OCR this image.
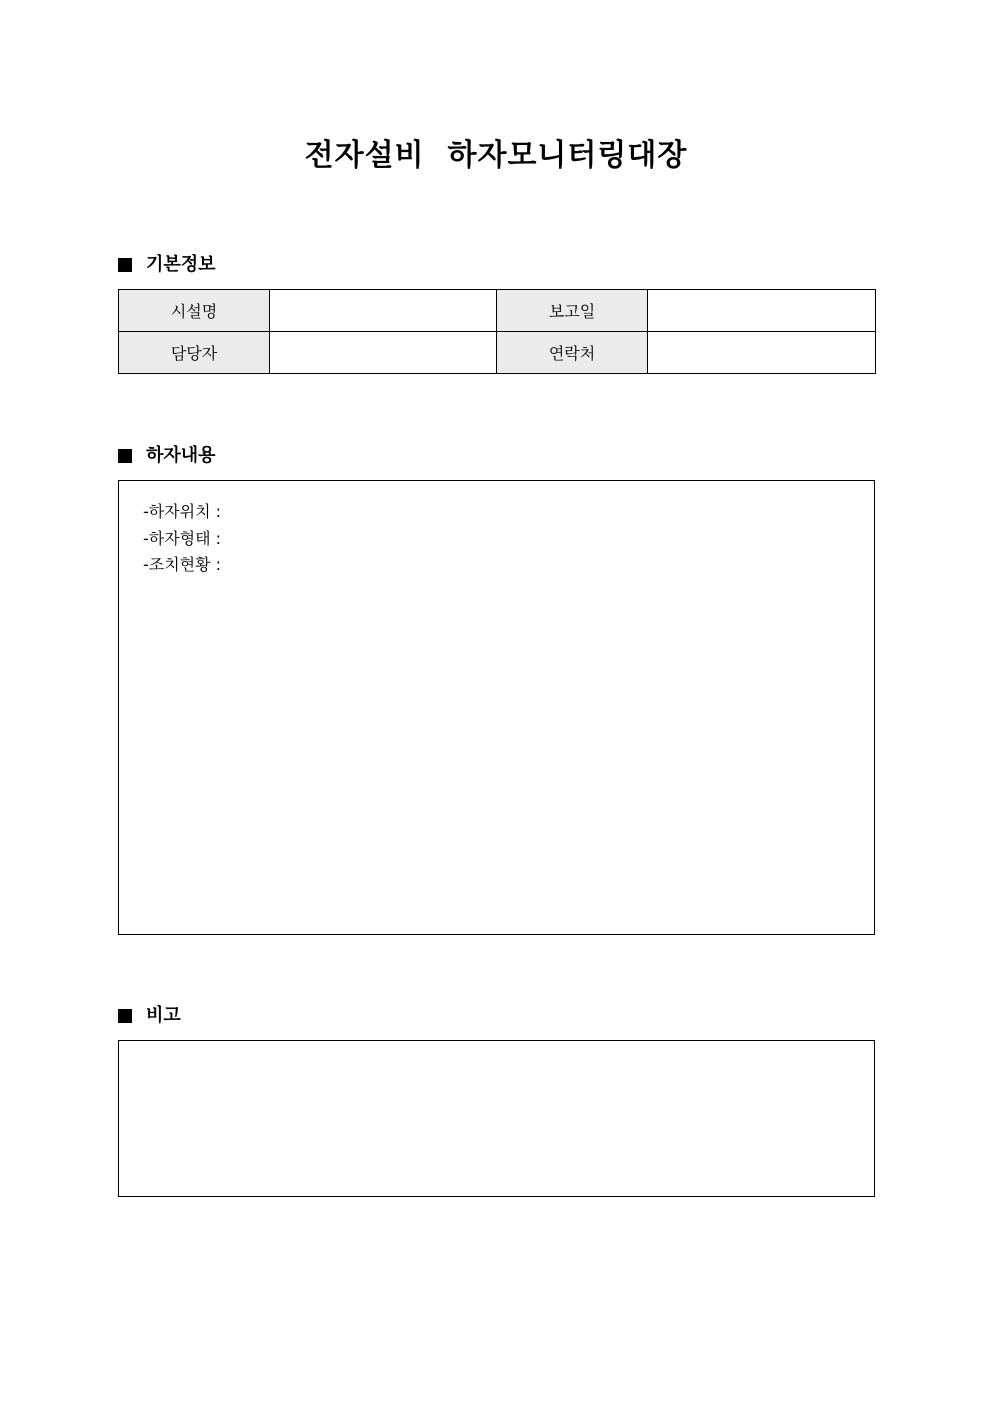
전자설비  하자모니터링대장
기본정보
시설명		보고일	
담당자		연락처	
하자내용
-하자위치 :
-하자형태 :
-조치현황 :
비고
